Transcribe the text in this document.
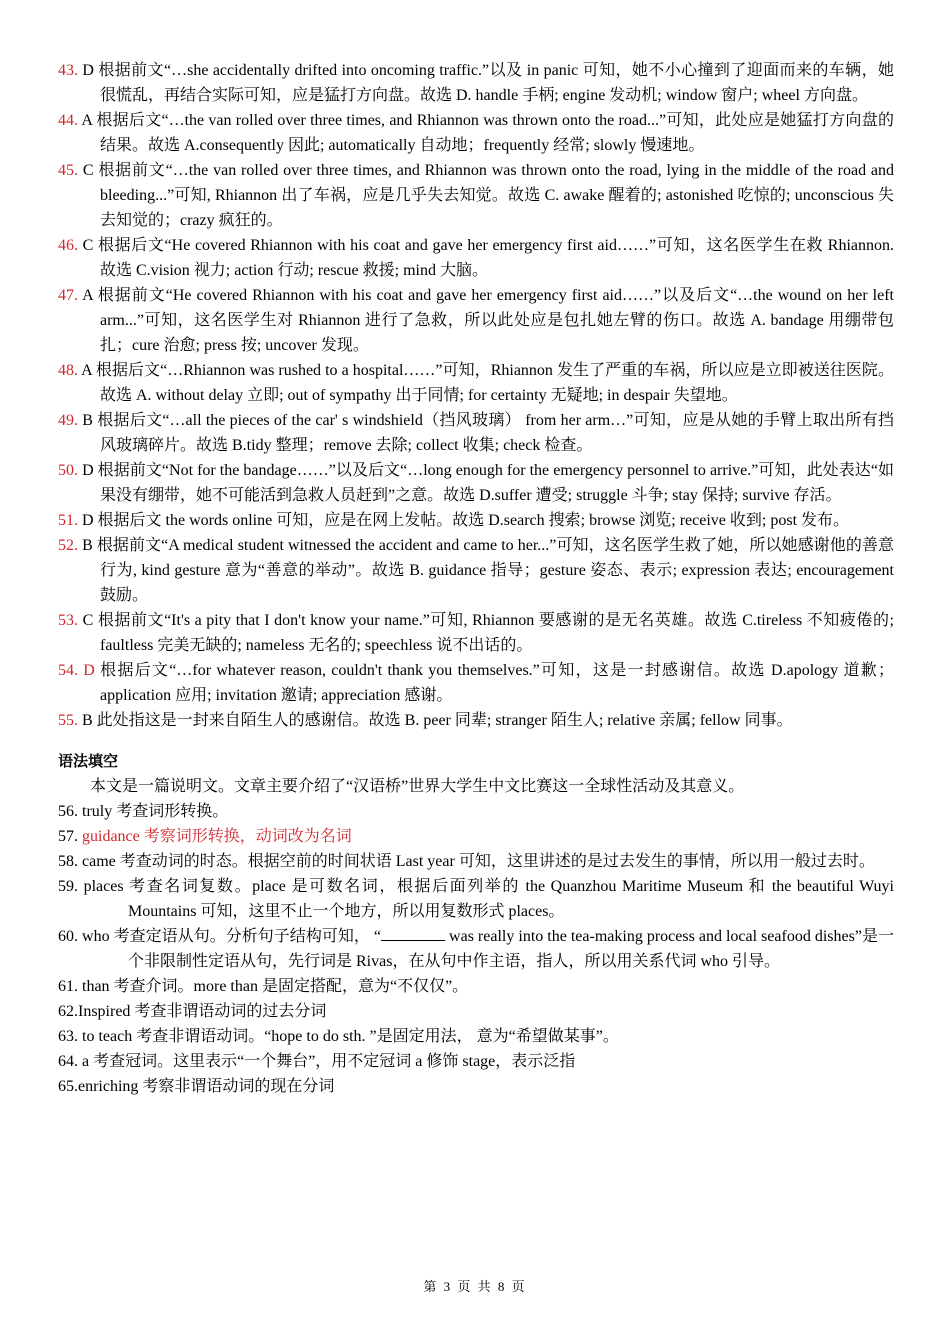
43. D 根据前文“…she accidentally drifted into oncoming traffic.”以及 in panic 可知，她不小心撞到了迎面而来的车辆，她很慌乱，再结合实际可知，应是猛打方向盘。故选 D. handle 手柄; engine 发动机; window 窗户; wheel 方向盘。
44. A 根据后文“…the van rolled over three times, and Rhiannon was thrown onto the road...”可知，此处应是她猛打方向盘的结果。故选 A.consequently 因此; automatically 自动地；frequently 经常; slowly 慢速地。
45. C 根据前文“…the van rolled over three times, and Rhiannon was thrown onto the road, lying in the middle of the road and bleeding...”可知, Rhiannon 出了车祸，应是几乎失去知觉。故选 C. awake 醒着的; astonished 吃惊的; unconscious 失去知觉的；crazy 疯狂的。
46. C 根据后文“He covered Rhiannon with his coat and gave her emergency first aid……”可知，这名医学生在救 Rhiannon. 故选 C.vision 视力; action 行动; rescue 救援; mind 大脑。
47. A 根据前文“He covered Rhiannon with his coat and gave her emergency first aid……”以及后文“…the wound on her left arm...”可知，这名医学生对 Rhiannon 进行了急救，所以此处应是包扎她左臂的伤口。故选 A. bandage 用绷带包扎；cure 治愈; press 按; uncover 发现。
48. A 根据后文“…Rhiannon was rushed to a hospital……”可知，Rhiannon 发生了严重的车祸，所以应是立即被送往医院。故选 A. without delay 立即; out of sympathy 出于同情; for certainty 无疑地; in despair 失望地。
49. B 根据后文“…all the pieces of the car' s windshield（挡风玻璃） from her arm…”可知，应是从她的手臂上取出所有挡风玻璃碎片。故选 B.tidy 整理；remove 去除; collect 收集; check 检查。
50. D 根据前文“Not for the bandage……”以及后文“…long enough for the emergency personnel to arrive.”可知，此处表达“如果没有绷带，她不可能活到急救人员赶到”之意。故选 D.suffer 遭受; struggle 斗争; stay 保持; survive 存活。
51. D 根据后文 the words online 可知，应是在网上发帖。故选 D.search 搜索; browse 浏览; receive 收到; post 发布。
52. B 根据前文“A medical student witnessed the accident and came to her...”可知，这名医学生救了她，所以她感谢他的善意行为, kind gesture 意为“善意的举动”。故选 B. guidance 指导；gesture 姿态、表示; expression 表达; encouragement 鼓励。
53. C 根据前文“It's a pity that I don't know your name.”可知, Rhiannon 要感谢的是无名英雄。故选 C.tireless 不知疲倦的; faultless 完美无缺的; nameless 无名的; speechless 说不出话的。
54. D 根据后文“…for whatever reason, couldn't thank you themselves.”可知，这是一封感谢信。故选 D.apology 道歉；application 应用; invitation 邀请; appreciation 感谢。
55. B 此处指这是一封来自陌生人的感谢信。故选 B. peer 同辈; stranger 陌生人; relative 亲属; fellow 同事。
语法填空
本文是一篇说明文。文章主要介绍了“汉语桥”世界大学生中文比赛这一全球性活动及其意义。
56. truly 考查词形转换。
57. guidance 考察词形转换，动词改为名词
58. came 考查动词的时态。根据空前的时间状语 Last year 可知，这里讲述的是过去发生的事情，所以用一般过去时。
59. places 考查名词复数。place 是可数名词，根据后面列举的 the Quanzhou Maritime Museum 和 the beautiful Wuyi Mountains 可知，这里不止一个地方，所以用复数形式 places。
60. who 考查定语从句。分析句子结构可知， “	was really into the tea-making process and local seafood dishes”是一个非限制性定语从句，先行词是 Rivas，在从句中作主语，指人，所以用关系代词 who 引导。
61. than 考查介词。more than 是固定搭配，意为“不仅仅”。
62.Inspired 考查非谓语动词的过去分词
63. to teach 考查非谓语动词。“hope to do sth. ”是固定用法， 意为“希望做某事”。
64. a 考查冠词。这里表示“一个舞台”，用不定冠词 a 修饰 stage，表示泛指
65.enriching 考察非谓语动词的现在分词
第 3 页 共 8 页
